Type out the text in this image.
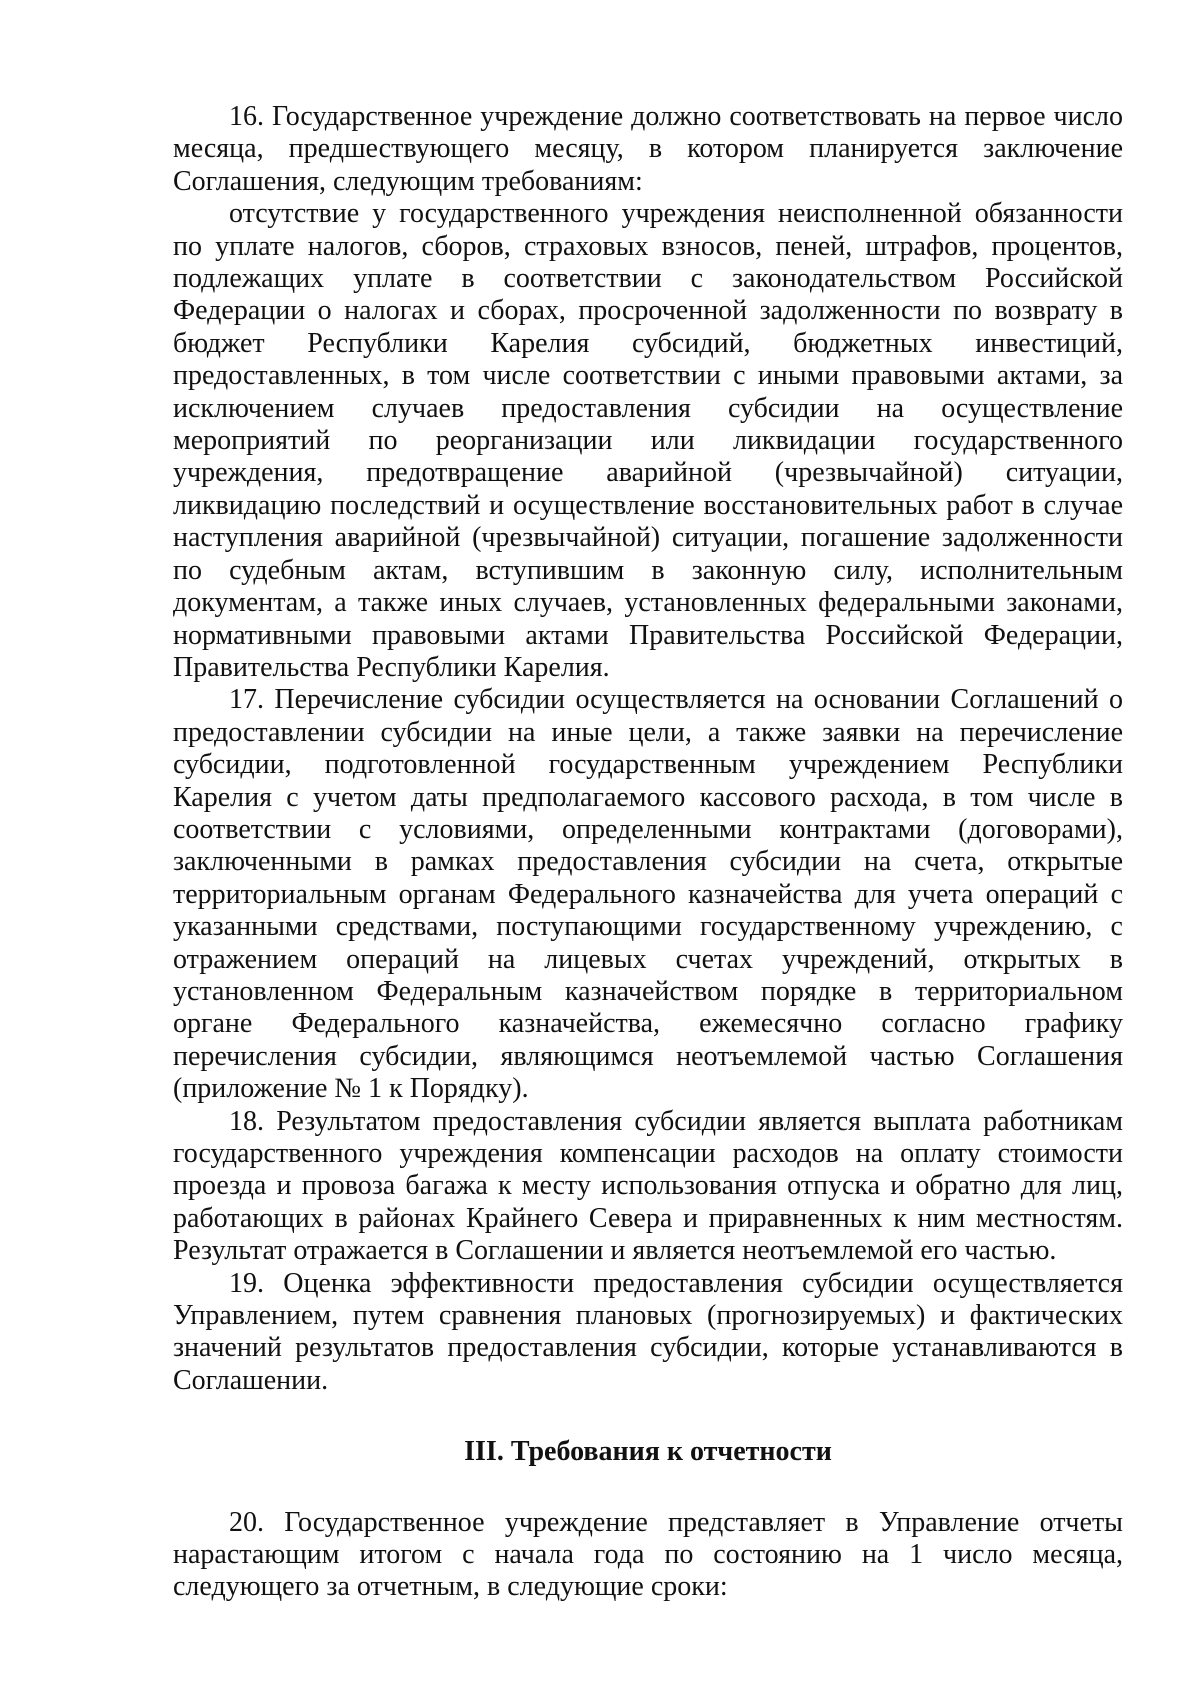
16. Государственное учреждение должно соответствовать на первое число месяца, предшествующего месяцу, в котором планируется заключение Соглашения, следующим требованиям:

отсутствие у государственного учреждения неисполненной обязанности по уплате налогов, сборов, страховых взносов, пеней, штрафов, процентов, подлежащих уплате в соответствии с законодательством Российской Федерации о налогах и сборах, просроченной задолженности по возврату в бюджет Республики Карелия субсидий, бюджетных инвестиций, предоставленных, в том числе соответствии с иными правовыми актами, за исключением случаев предоставления субсидии на осуществление мероприятий по реорганизации или ликвидации государственного учреждения, предотвращение аварийной (чрезвычайной) ситуации, ликвидацию последствий и осуществление восстановительных работ в случае наступления аварийной (чрезвычайной) ситуации, погашение задолженности по судебным актам, вступившим в законную силу, исполнительным документам, а также иных случаев, установленных федеральными законами, нормативными правовыми актами Правительства Российской Федерации, Правительства Республики Карелия.

17. Перечисление субсидии осуществляется на основании Соглашений о предоставлении субсидии на иные цели, а также заявки на перечисление субсидии, подготовленной государственным учреждением Республики Карелия с учетом даты предполагаемого кассового расхода, в том числе в соответствии с условиями, определенными контрактами (договорами), заключенными в рамках предоставления субсидии на счета, открытые территориальным органам Федерального казначейства для учета операций с указанными средствами, поступающими государственному учреждению, с отражением операций на лицевых счетах учреждений, открытых в установленном Федеральным казначейством порядке в территориальном органе Федерального казначейства, ежемесячно согласно графику перечисления субсидии, являющимся неотъемлемой частью Соглашения (приложение № 1 к Порядку).

18. Результатом предоставления субсидии является выплата работникам государственного учреждения компенсации расходов на оплату стоимости проезда и провоза багажа к месту использования отпуска и обратно для лиц, работающих в районах Крайнего Севера и приравненных к ним местностям. Результат отражается в Соглашении и является неотъемлемой его частью.

19. Оценка эффективности предоставления субсидии осуществляется Управлением, путем сравнения плановых (прогнозируемых) и фактических значений результатов предоставления субсидии, которые устанавливаются в Соглашении.

III. Требования к отчетности

20. Государственное учреждение представляет в Управление отчеты нарастающим итогом с начала года по состоянию на 1 число месяца, следующего за отчетным, в следующие сроки:
